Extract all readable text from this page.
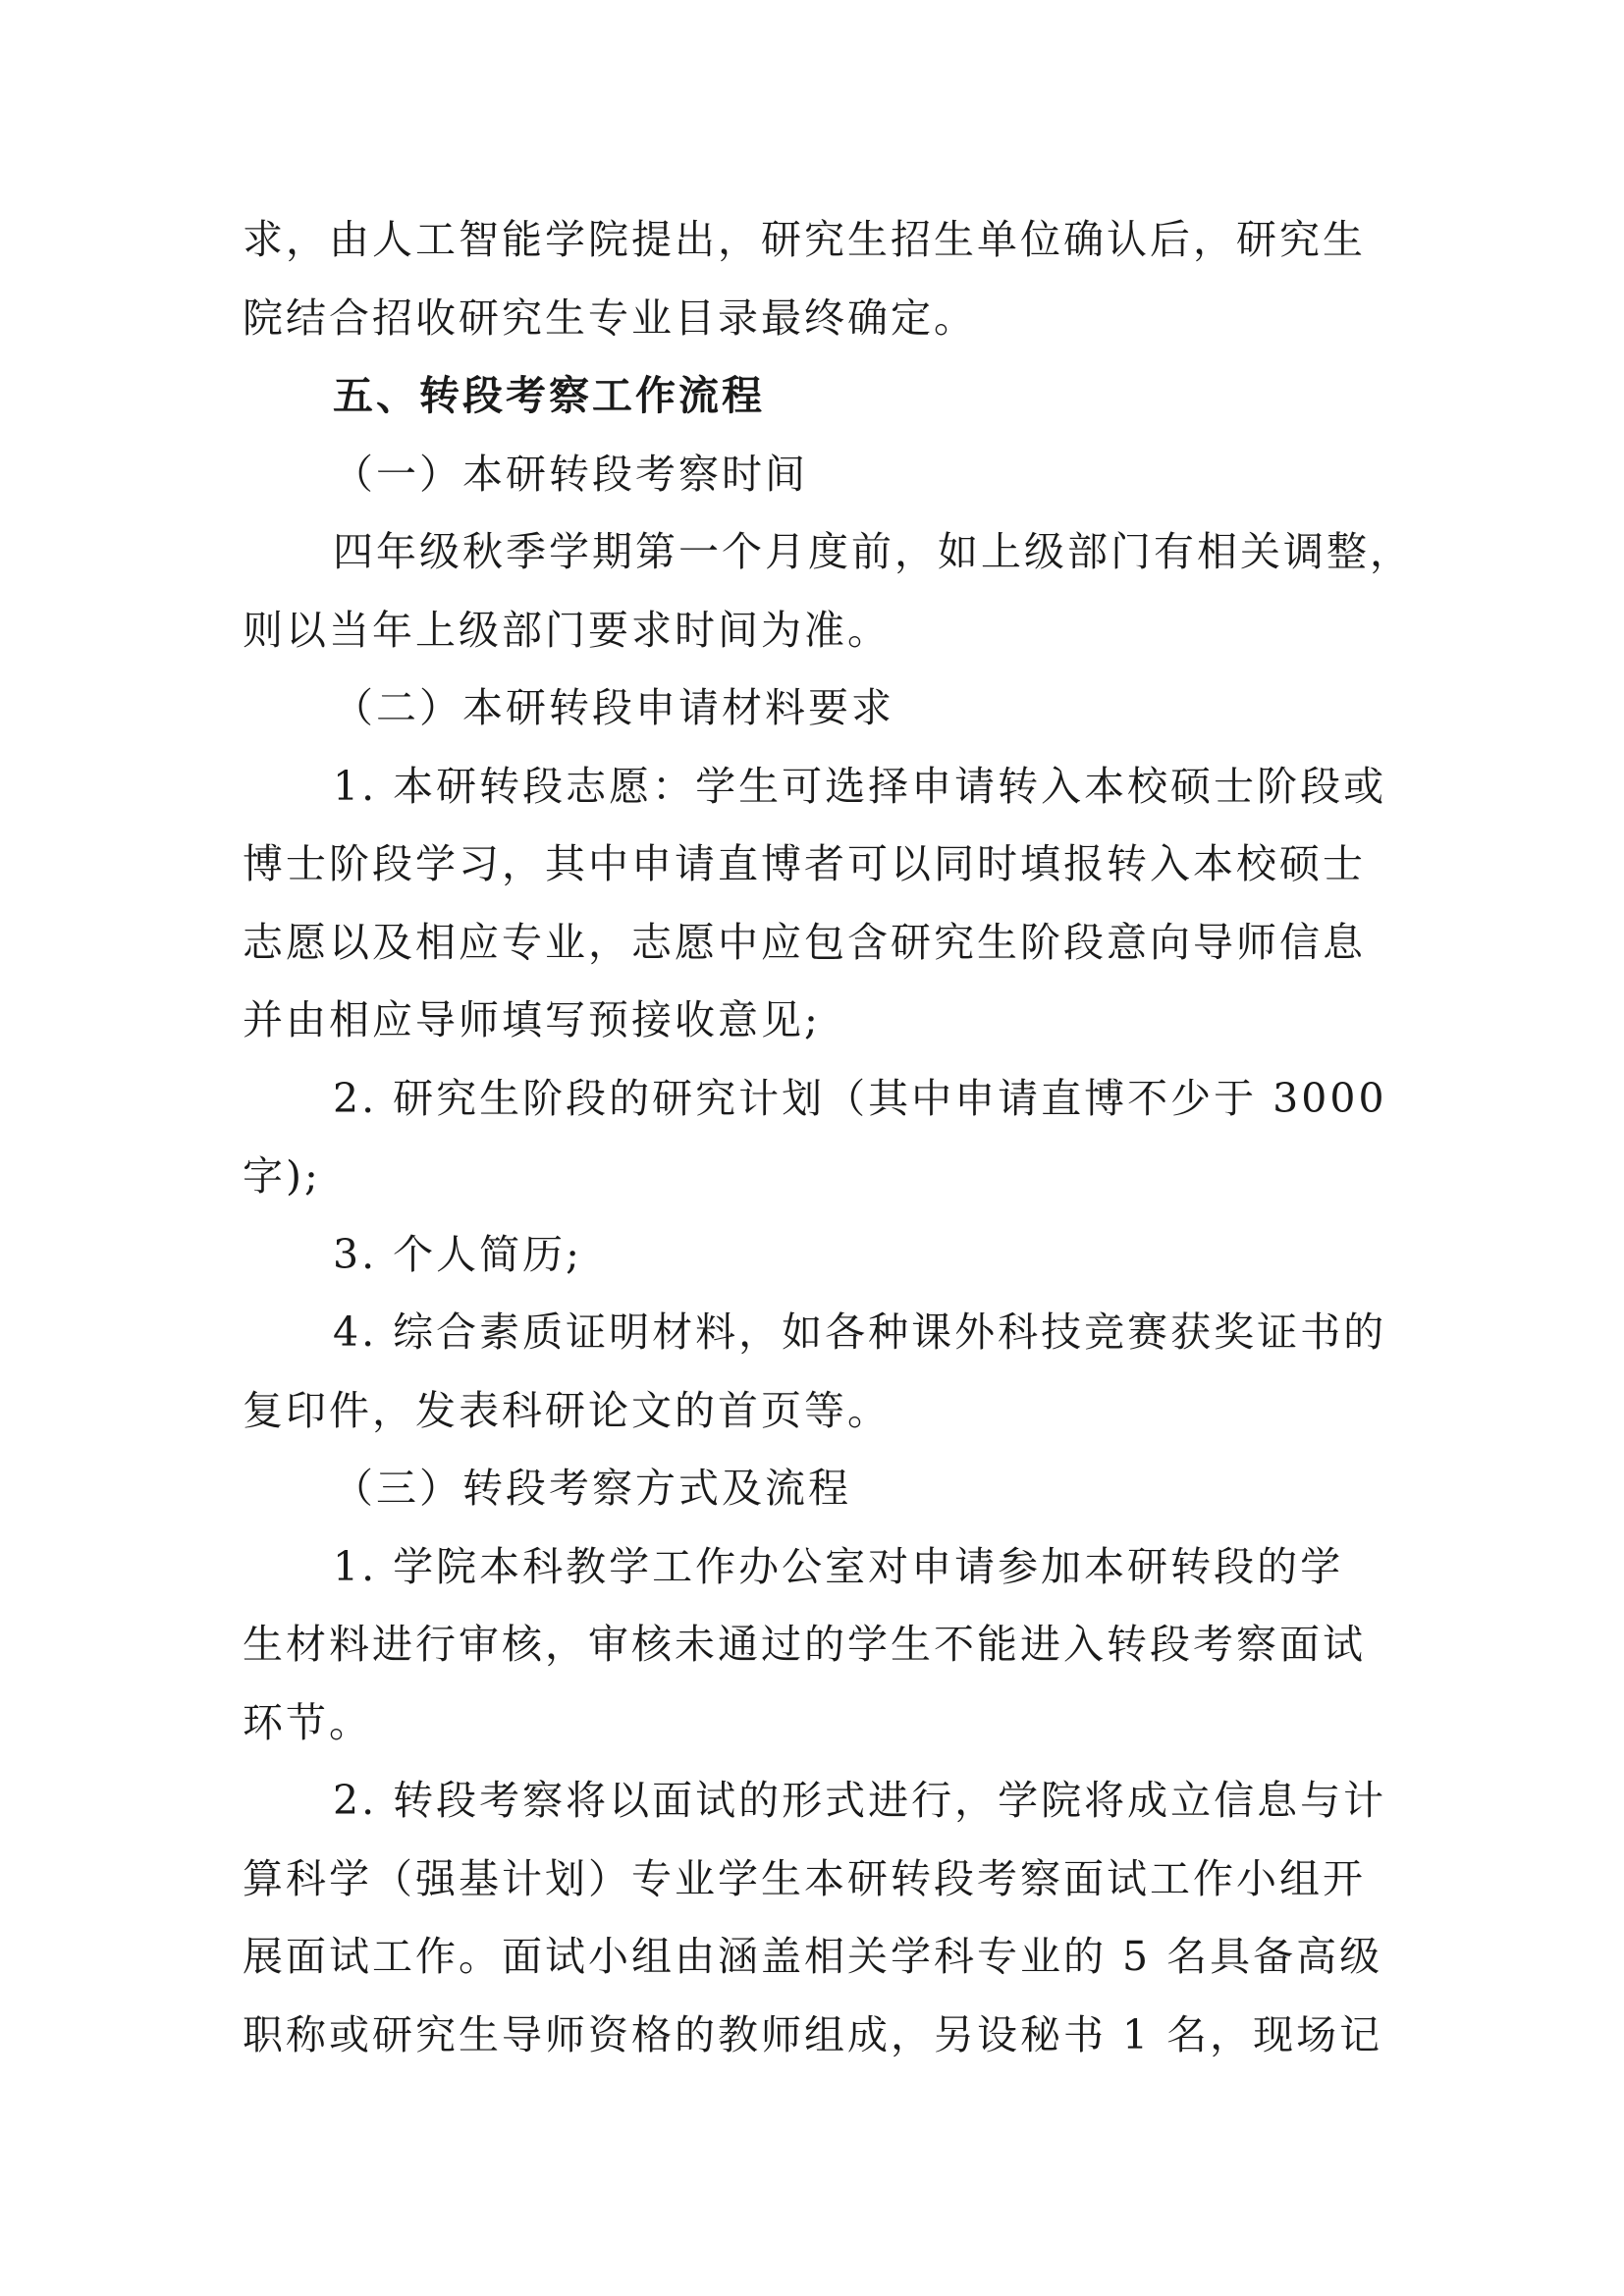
求，由人工智能学院提出，研究生招生单位确认后，研究生
院结合招收研究生专业目录最终确定。
五、转段考察工作流程
（一）本研转段考察时间
四年级秋季学期第一个月度前，如上级部门有相关调整，
则以当年上级部门要求时间为准。
（二）本研转段申请材料要求
1. 本研转段志愿：学生可选择申请转入本校硕士阶段或
博士阶段学习，其中申请直博者可以同时填报转入本校硕士
志愿以及相应专业，志愿中应包含研究生阶段意向导师信息
并由相应导师填写预接收意见;
2. 研究生阶段的研究计划（其中申请直博不少于 3000
字);
3. 个人简历;
4. 综合素质证明材料，如各种课外科技竞赛获奖证书的
复印件，发表科研论文的首页等。
（三）转段考察方式及流程
1. 学院本科教学工作办公室对申请参加本研转段的学
生材料进行审核，审核未通过的学生不能进入转段考察面试
环节。
2. 转段考察将以面试的形式进行，学院将成立信息与计
算科学（强基计划）专业学生本研转段考察面试工作小组开
展面试工作。面试小组由涵盖相关学科专业的 5 名具备高级
职称或研究生导师资格的教师组成，另设秘书 1 名，现场记
